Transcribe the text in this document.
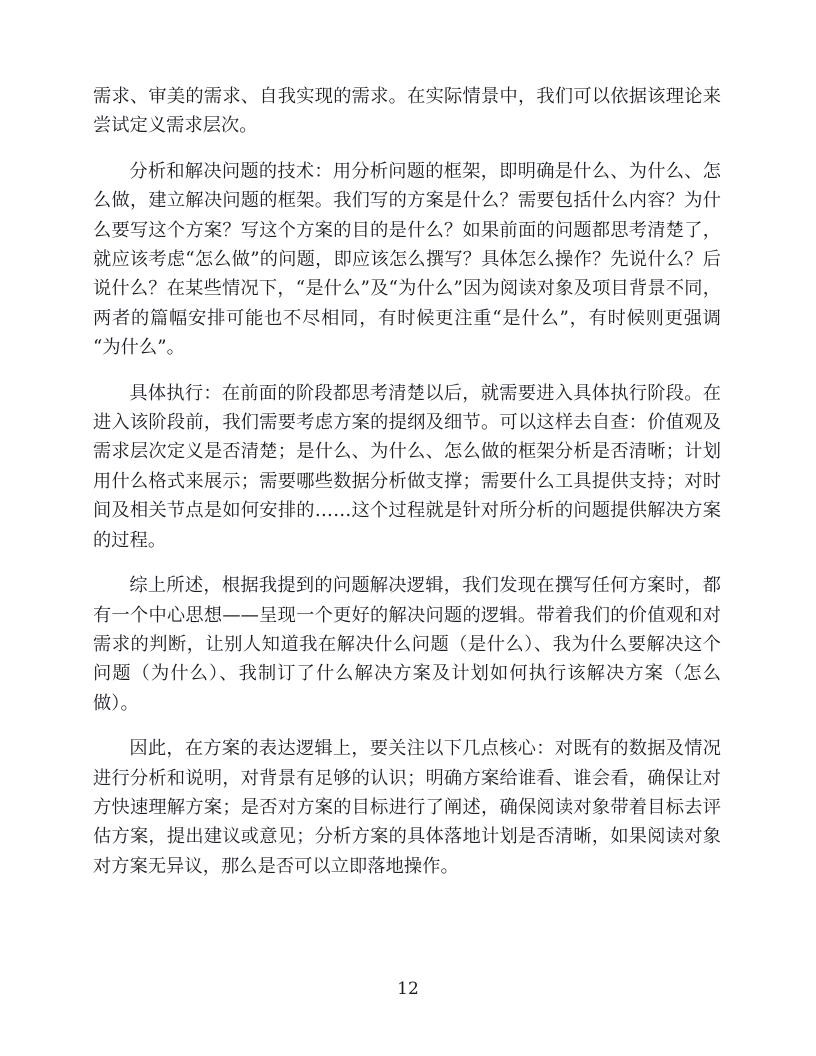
需求、审美的需求、自我实现的需求。在实际情景中，我们可以依据该理论来尝试定义需求层次。

分析和解决问题的技术：用分析问题的框架，即明确是什么、为什么、怎么做，建立解决问题的框架。我们写的方案是什么？需要包括什么内容？为什么要写这个方案？写这个方案的目的是什么？如果前面的问题都思考清楚了，就应该考虑“怎么做”的问题，即应该怎么撰写？具体怎么操作？先说什么？后说什么？在某些情况下，“是什么”及“为什么”因为阅读对象及项目背景不同，两者的篇幅安排可能也不尽相同，有时候更注重“是什么”，有时候则更强调“为什么”。

具体执行：在前面的阶段都思考清楚以后，就需要进入具体执行阶段。在进入该阶段前，我们需要考虑方案的提纲及细节。可以这样去自查：价值观及需求层次定义是否清楚；是什么、为什么、怎么做的框架分析是否清晰；计划用什么格式来展示；需要哪些数据分析做支撑；需要什么工具提供支持；对时间及相关节点是如何安排的……这个过程就是针对所分析的问题提供解决方案的过程。

综上所述，根据我提到的问题解决逻辑，我们发现在撰写任何方案时，都有一个中心思想——呈现一个更好的解决问题的逻辑。带着我们的价值观和对需求的判断，让别人知道我在解决什么问题（是什么）、我为什么要解决这个问题（为什么）、我制订了什么解决方案及计划如何执行该解决方案（怎么做）。

因此，在方案的表达逻辑上，要关注以下几点核心：对既有的数据及情况进行分析和说明，对背景有足够的认识；明确方案给谁看、谁会看，确保让对方快速理解方案；是否对方案的目标进行了阐述，确保阅读对象带着目标去评估方案，提出建议或意见；分析方案的具体落地计划是否清晰，如果阅读对象对方案无异议，那么是否可以立即落地操作。

12
